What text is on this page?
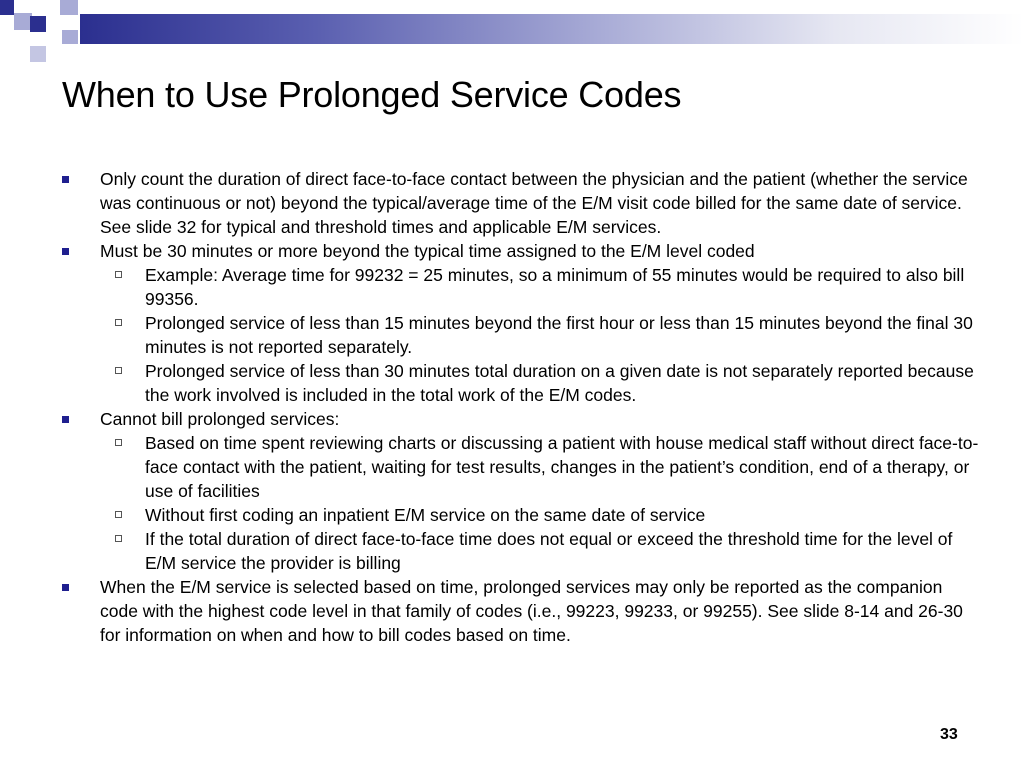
When to Use Prolonged Service Codes
Only count the duration of direct face-to-face contact between the physician and the patient (whether the service was continuous or not) beyond the typical/average time of the E/M visit code billed for the same date of service. See slide 32 for typical and threshold times and applicable E/M services.
Must be 30 minutes or more beyond the typical time assigned to the E/M level coded
Example: Average time for 99232 = 25 minutes, so a minimum of 55 minutes would be required to also bill 99356.
Prolonged service of less than 15 minutes beyond the first hour or less than 15 minutes beyond the final 30 minutes is not reported separately.
Prolonged service of less than 30 minutes total duration on a given date is not separately reported because the work involved is included in the total work of the E/M codes.
Cannot bill prolonged services:
Based on time spent reviewing charts or discussing a patient with house medical staff without direct face-to-face contact with the patient, waiting for test results, changes in the patient’s condition, end of a therapy, or use of facilities
Without first coding an inpatient E/M service on the same date of service
If the total duration of direct face-to-face time does not equal or exceed the threshold time for the level of E/M service the provider is billing
When the E/M service is selected based on time, prolonged services may only be reported as the companion code with the highest code level in that family of codes (i.e., 99223, 99233, or 99255). See slide 8-14 and 26-30 for information on when and how to bill codes based on time.
33
